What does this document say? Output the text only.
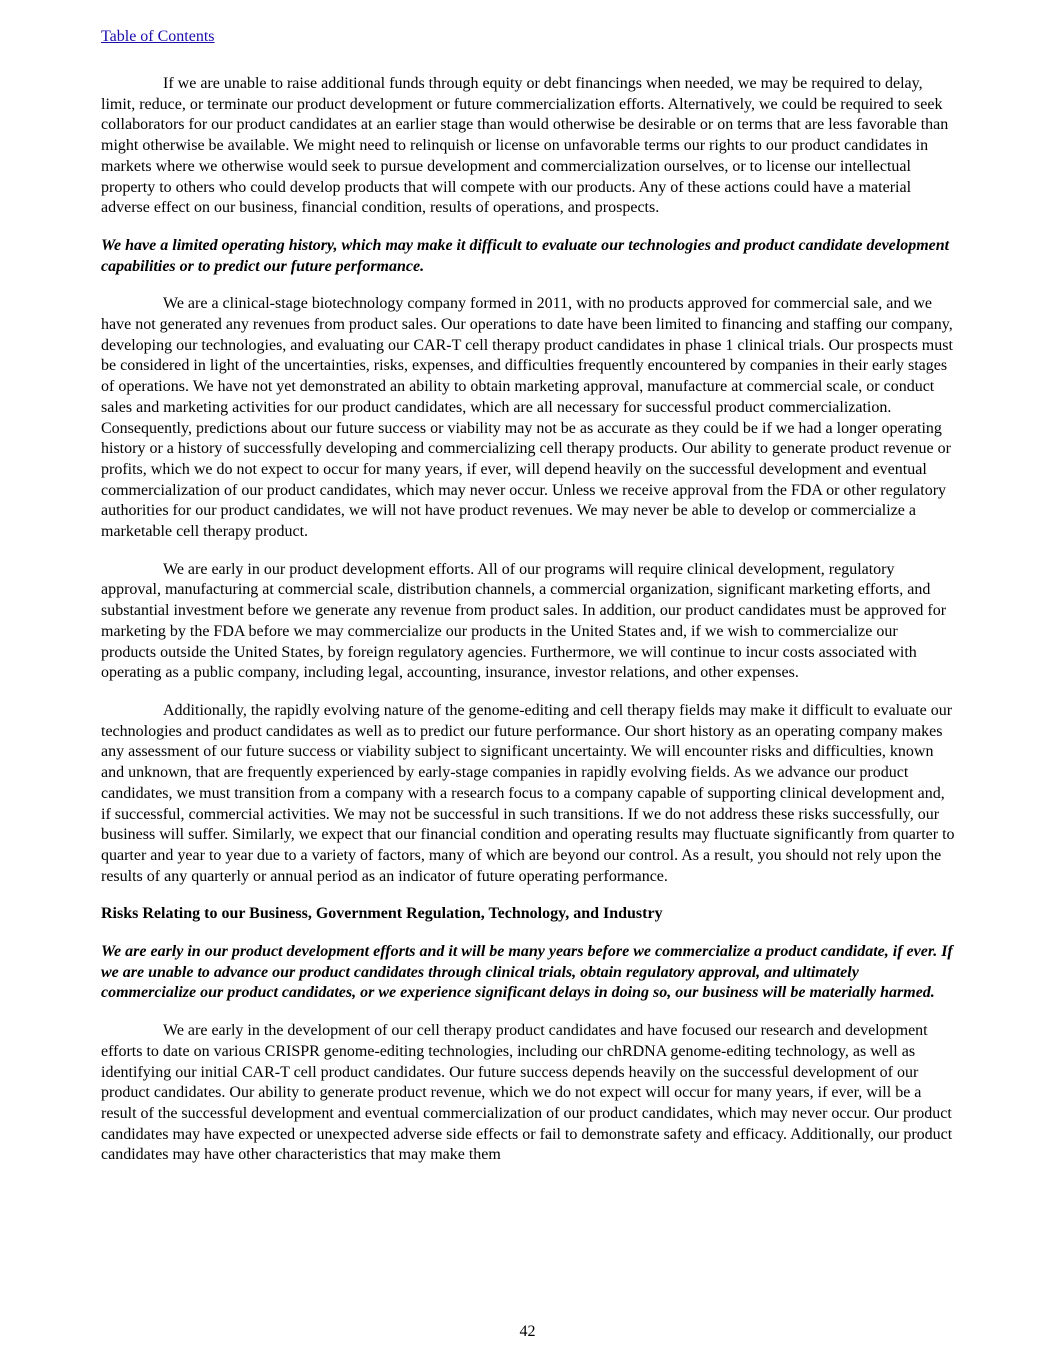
Table of Contents

If we are unable to raise additional funds through equity or debt financings when needed, we may be required to delay, limit, reduce, or terminate our product development or future commercialization efforts. Alternatively, we could be required to seek collaborators for our product candidates at an earlier stage than would otherwise be desirable or on terms that are less favorable than might otherwise be available. We might need to relinquish or license on unfavorable terms our rights to our product candidates in markets where we otherwise would seek to pursue development and commercialization ourselves, or to license our intellectual property to others who could develop products that will compete with our products. Any of these actions could have a material adverse effect on our business, financial condition, results of operations, and prospects.

We have a limited operating history, which may make it difficult to evaluate our technologies and product candidate development capabilities or to predict our future performance.

We are a clinical-stage biotechnology company formed in 2011, with no products approved for commercial sale, and we have not generated any revenues from product sales. Our operations to date have been limited to financing and staffing our company, developing our technologies, and evaluating our CAR-T cell therapy product candidates in phase 1 clinical trials. Our prospects must be considered in light of the uncertainties, risks, expenses, and difficulties frequently encountered by companies in their early stages of operations. We have not yet demonstrated an ability to obtain marketing approval, manufacture at commercial scale, or conduct sales and marketing activities for our product candidates, which are all necessary for successful product commercialization. Consequently, predictions about our future success or viability may not be as accurate as they could be if we had a longer operating history or a history of successfully developing and commercializing cell therapy products. Our ability to generate product revenue or profits, which we do not expect to occur for many years, if ever, will depend heavily on the successful development and eventual commercialization of our product candidates, which may never occur. Unless we receive approval from the FDA or other regulatory authorities for our product candidates, we will not have product revenues. We may never be able to develop or commercialize a marketable cell therapy product.

We are early in our product development efforts. All of our programs will require clinical development, regulatory approval, manufacturing at commercial scale, distribution channels, a commercial organization, significant marketing efforts, and substantial investment before we generate any revenue from product sales. In addition, our product candidates must be approved for marketing by the FDA before we may commercialize our products in the United States and, if we wish to commercialize our products outside the United States, by foreign regulatory agencies. Furthermore, we will continue to incur costs associated with operating as a public company, including legal, accounting, insurance, investor relations, and other expenses.

Additionally, the rapidly evolving nature of the genome-editing and cell therapy fields may make it difficult to evaluate our technologies and product candidates as well as to predict our future performance. Our short history as an operating company makes any assessment of our future success or viability subject to significant uncertainty. We will encounter risks and difficulties, known and unknown, that are frequently experienced by early-stage companies in rapidly evolving fields. As we advance our product candidates, we must transition from a company with a research focus to a company capable of supporting clinical development and, if successful, commercial activities. We may not be successful in such transitions. If we do not address these risks successfully, our business will suffer. Similarly, we expect that our financial condition and operating results may fluctuate significantly from quarter to quarter and year to year due to a variety of factors, many of which are beyond our control. As a result, you should not rely upon the results of any quarterly or annual period as an indicator of future operating performance.

Risks Relating to our Business, Government Regulation, Technology, and Industry

We are early in our product development efforts and it will be many years before we commercialize a product candidate, if ever. If we are unable to advance our product candidates through clinical trials, obtain regulatory approval, and ultimately commercialize our product candidates, or we experience significant delays in doing so, our business will be materially harmed.

We are early in the development of our cell therapy product candidates and have focused our research and development efforts to date on various CRISPR genome-editing technologies, including our chRDNA genome-editing technology, as well as identifying our initial CAR-T cell product candidates. Our future success depends heavily on the successful development of our product candidates. Our ability to generate product revenue, which we do not expect will occur for many years, if ever, will be a result of the successful development and eventual commercialization of our product candidates, which may never occur. Our product candidates may have expected or unexpected adverse side effects or fail to demonstrate safety and efficacy. Additionally, our product candidates may have other characteristics that may make them

42
